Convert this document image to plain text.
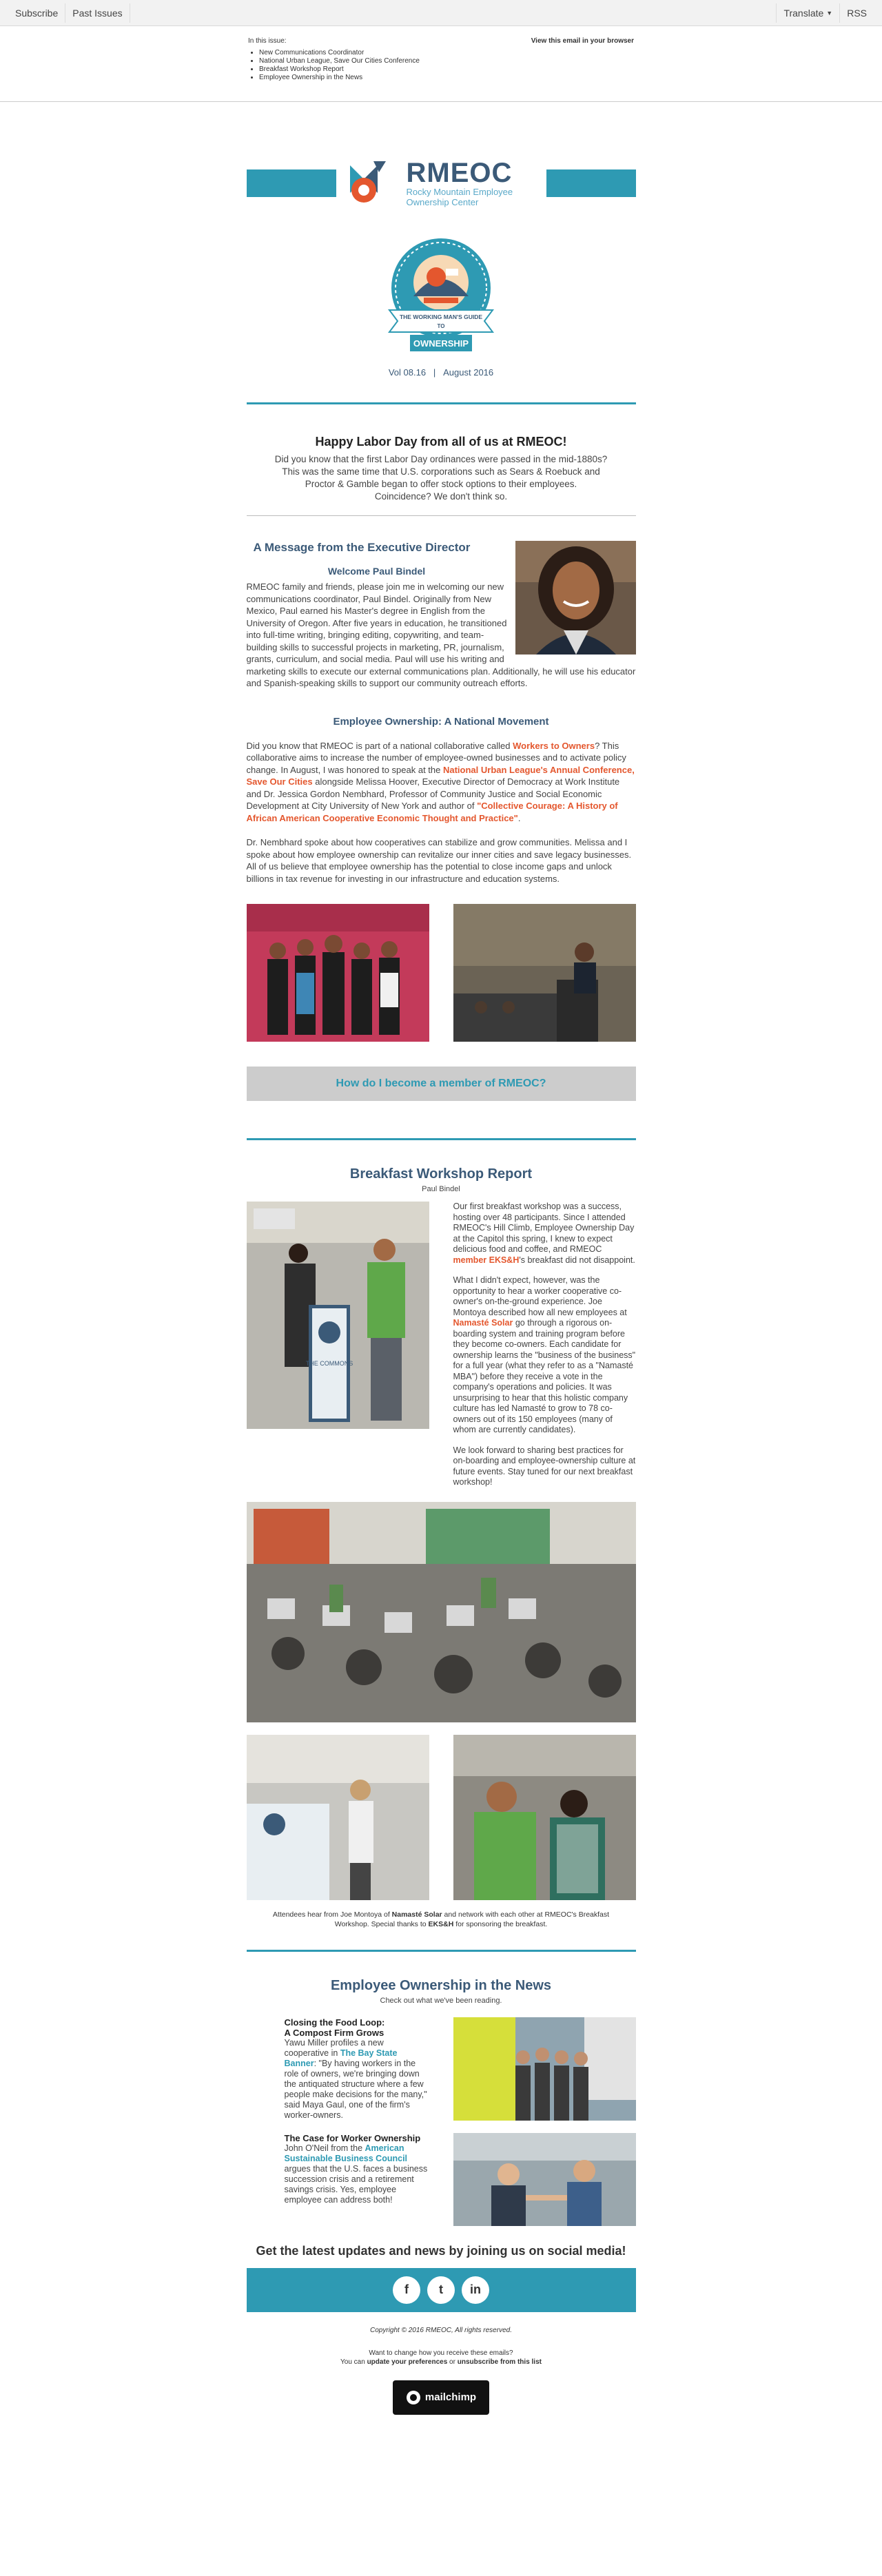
Subscribe	Past Issues	Translate ▼	RSS
In this issue:
• New Communications Coordinator
• National Urban League, Save Our Cities Conference
• Breakfast Workshop Report
• Employee Ownership in the News
View this email in your browser
RMEOC
Rocky Mountain Employee
Ownership Center
THE WORKING MAN'S GUIDE
TO
OWNERSHIP
Vol 08.16 | August 2016
Happy Labor Day from all of us at RMEOC!

Did you know that the first Labor Day ordinances were passed in the mid-1880s?
This was the same time that U.S. corporations such as Sears & Roebuck and
Proctor & Gamble began to offer stock options to their employees.
Coincidence? We don't think so.

A Message from the Executive Director
Welcome Paul Bindel

RMEOC family and friends, please join me in welcoming our new communications coordinator, Paul Bindel. Originally from New Mexico, Paul earned his Master's degree in English from the University of Oregon. After five years in education, he transitioned into full-time writing, bringing editing, copywriting, and team-building skills to successful projects in marketing, PR, journalism, grants, curriculum, and social media. Paul will use his writing and marketing skills to execute our external communications plan. Additionally, he will use his educator and Spanish-speaking skills to support our community outreach efforts.

Employee Ownership: A National Movement

Did you know that RMEOC is part of a national collaborative called Workers to Owners? This collaborative aims to increase the number of employee-owned businesses and to activate policy change. In August, I was honored to speak at the National Urban League's Annual Conference, Save Our Cities alongside Melissa Hoover, Executive Director of Democracy at Work Institute and Dr. Jessica Gordon Nembhard, Professor of Community Justice and Social Economic Development at City University of New York and author of "Collective Courage: A History of African American Cooperative Economic Thought and Practice".

Dr. Nembhard spoke about how cooperatives can stabilize and grow communities. Melissa and I spoke about how employee ownership can revitalize our inner cities and save legacy businesses. All of us believe that employee ownership has the potential to close income gaps and unlock billions in tax revenue for investing in our infrastructure and education systems.

How do I become a member of RMEOC?
Breakfast Workshop Report
Paul Bindel
THE COMMONS

Our first breakfast workshop was a success, hosting over 48 participants. Since I attended RMEOC's Hill Climb, Employee Ownership Day at the Capitol this spring, I knew to expect delicious food and coffee, and RMEOC member EKS&H's breakfast did not disappoint.

What I didn't expect, however, was the opportunity to hear a worker cooperative co-owner's on-the-ground experience. Joe Montoya described how all new employees at Namasté Solar go through a rigorous on-boarding system and training program before they become co-owners. Each candidate for ownership learns the "business of the business" for a full year (what they refer to as a "Namasté MBA") before they receive a vote in the company's operations and policies. It was unsurprising to hear that this holistic company culture has led Namasté to grow to 78 co-owners out of its 150 employees (many of whom are currently candidates).

We look forward to sharing best practices for on-boarding and employee-ownership culture at future events. Stay tuned for our next breakfast workshop!

Attendees hear from Joe Montoya of Namasté Solar and network with each other at RMEOC's Breakfast
Workshop. Special thanks to EKS&H for sponsoring the breakfast.
Employee Ownership in the News
Check out what we've been reading.
Closing the Food Loop:
A Compost Firm Grows
Yawu Miller profiles a new cooperative in The Bay State Banner: "By having workers in the role of owners, we're bringing down the antiquated structure where a few people make decisions for the many," said Maya Gaul, one of the firm's worker-owners.
The Case for Worker Ownership
John O'Neil from the American Sustainable Business Council argues that the U.S. faces a business succession crisis and a retirement savings crisis. Yes, employee employee can address both!
Get the latest updates and news by joining us on social media!
f	t	in
Copyright © 2016 RMEOC, All rights reserved.
Want to change how you receive these emails?
You can update your preferences or unsubscribe from this list
mailchimp
